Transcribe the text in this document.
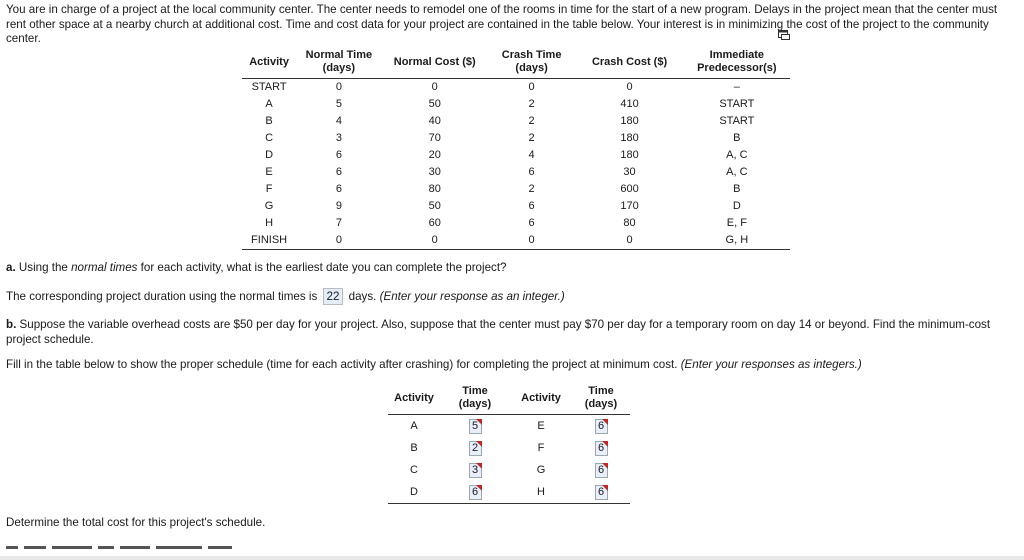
You are in charge of a project at the local community center. The center needs to remodel one of the rooms in time for the start of a new program. Delays in the project mean that the center must rent other space at a nearby church at additional cost. Time and cost data for your project are contained in the table below. Your interest is in minimizing the cost of the project to the community center.
Activity	Normal Time (days)	Normal Cost ($)	Crash Time (days)	Crash Cost ($)	Immediate Predecessor(s)
START	0	0	0	0	–
A	5	50	2	410	START
B	4	40	2	180	START
C	3	70	2	180	B
D	6	20	4	180	A, C
E	6	30	6	30	A, C
F	6	80	2	600	B
G	9	50	6	170	D
H	7	60	6	80	E, F
FINISH	0	0	0	0	G, H
a. Using the normal times for each activity, what is the earliest date you can complete the project?
The corresponding project duration using the normal times is 22 days. (Enter your response as an integer.)
b. Suppose the variable overhead costs are $50 per day for your project. Also, suppose that the center must pay $70 per day for a temporary room on day 14 or beyond. Find the minimum-cost project schedule.
Fill in the table below to show the proper schedule (time for each activity after crashing) for completing the project at minimum cost. (Enter your responses as integers.)
Activity	Time (days)	Activity	Time (days)
A	5	E	6

B	2	F	6

C	3	G	6

D	6	H	6
Determine the total cost for this project's schedule.
